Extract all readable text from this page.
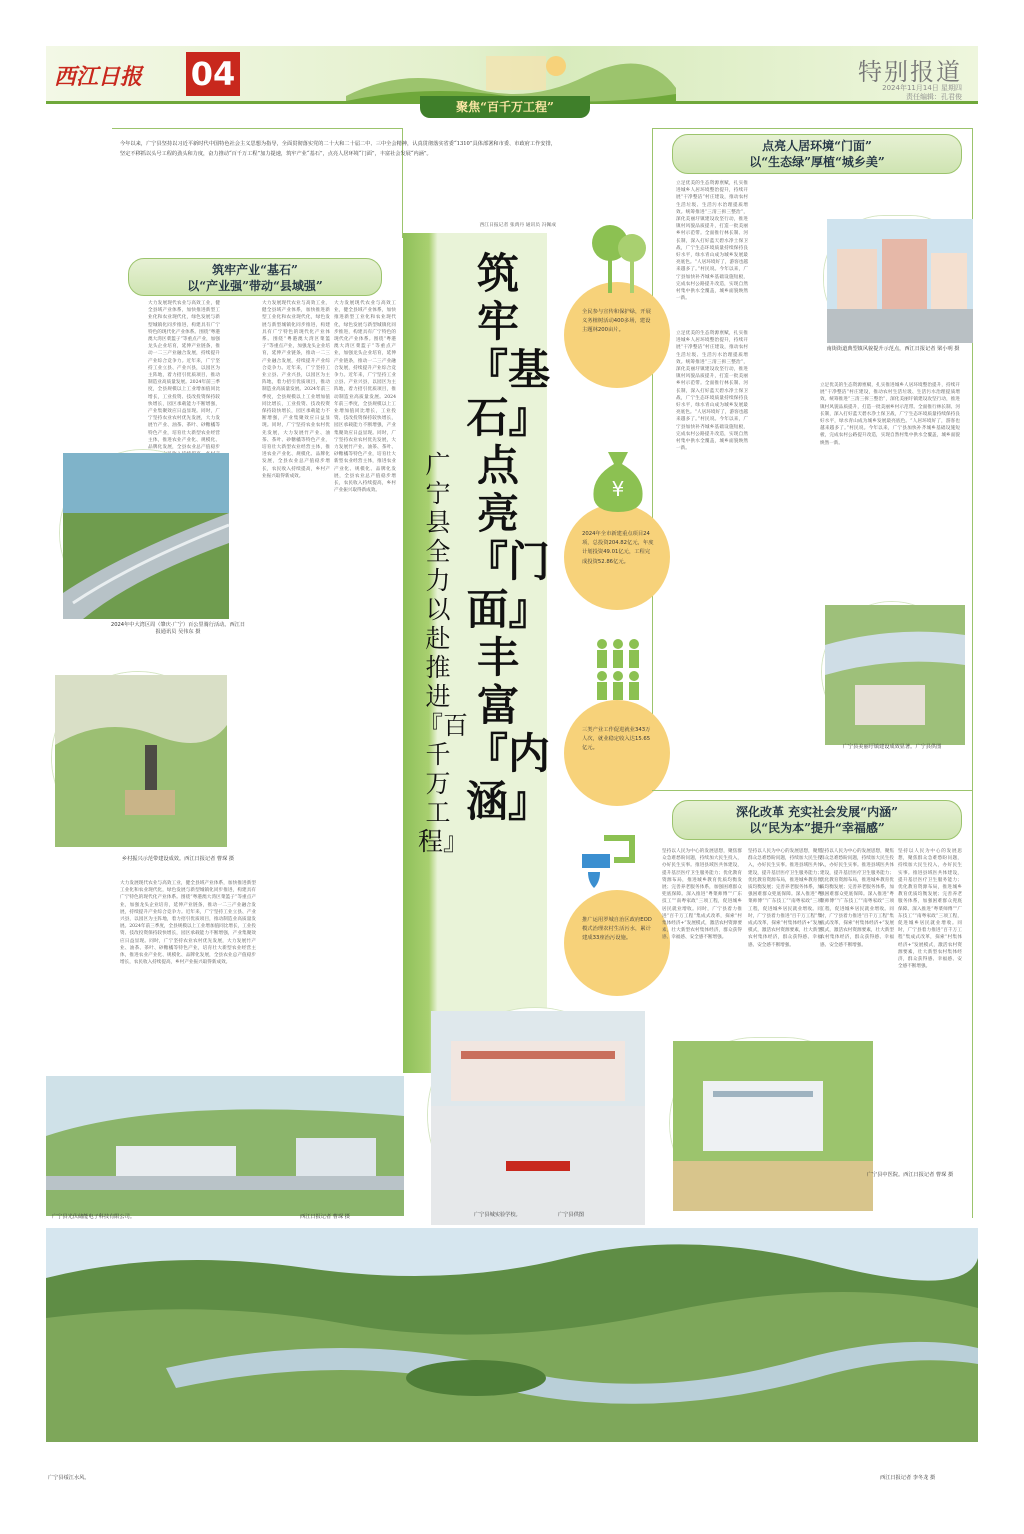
西江日报 04	特别报道
2024年11月14日 星期四
责任编辑：孔君俊
聚焦“百千万工程”

今年以来，广宁县坚持以习近平新时代中国特色社会主义思想为指导，全面贯彻落实党的二十大和二十届二中、三中全会精神，认真贯彻落实省委“1310”具体部署和市委、市政府工作安排，坚定不移抓以头号工程的劲头和力度，奋力推动“百千万工程”加力提速，筑牢产业“基石”，点亮人居环境“门面”，丰富社会发展“内涵”。

西江日报记者 张禹丹 通讯员 冯佩成
筑牢『基石』点亮『门面』丰富『内涵』
广宁县全力以赴推进『百千万工程』
筑牢产业“基石”
以“产业强”带动“县域强”
大力发展现代农业与高效工业，健全县域产业体系，加快推进新型工业化和农业现代化，绿色发展与新型城镇化同步推进，构建具有广宁特色的现代化产业体系。围绕“粤港澳大湾区菜篮子”等重点产业，加强龙头企业培育，延伸产业链条，推动一二三产业融合发展，持续提升产业综合竞争力。近年来，广宁坚持工业立县、产业兴县，以园区为主阵地，着力招引优质项目，推动制造业高质量发展。2024年前三季度，全县规模以上工业增加值同比增长，工业投资、技改投资保持较快增长，园区承载能力不断增强，产业集聚效应日益显现。同时，广宁坚持农业农村优先发展，大力发展竹产业、油茶、茶叶、砂糖橘等特色产业，培育壮大新型农业经营主体，推进农业产业化、规模化、品牌化发展，全县农业总产值稳步
大力发展现代农业与高效工业，健全县域产业体系，加快推进新型工业化和农业现代化，绿色发展与新型城镇化同步推进，构建具有广宁特色的现代化产业体系。围绕“粤港澳大湾区菜篮子”等重点产业，加强龙头企业培育，延伸产业链条，推动一二三产业融合发展，持续提升产业综合竞争力。近年来，广宁坚持工业立县、产业兴县，以园区为主阵地，着力招引优质项目，推动制造业高质量发展。2024年前三季度，全县规模以上工业增加值同比增长，工业投资、技改投资保持较快增长，园区承载能力不断增强，产业集聚效应日益显现。同时，广宁坚持农业农村优先发展，大力发展竹产业、油茶、茶叶、砂糖橘等特色产业，培育壮大新型农业经营主体，推进农业产业化、规模化、品牌化发展，全县农业总产值稳步增长，农民收入持续提高，乡村产业振兴取得新成效。
大力发展现代农业与高效工业，健全县域产业体系，加快推进新型工业化和农业现代化，绿色发展与新型城镇化同步推进，构建具有广宁特色的现代化产业体系。围绕“粤港澳大湾区菜篮子”等重点产业，加强龙头企业培育，延伸产业链条，推动一二三产业融合发展，持续提升产业综合竞争力。近年来，广宁坚持工业立县、产业兴县，以园区为主阵地，着力招引优质项目，推动制造业高质量发展。2024年前三季度，全县规模以上工业增加值同比增长，工业投资、技改投资保持较快增长，园区承载能力不断增强，产业集聚效应日益显现。同时，广宁坚持农业农村优先发展，大力发展竹产业、油茶、茶叶、砂糖橘等特色产业，培育壮大新型农业经营主体，推进农业产业化、规模化、品牌化发展，全县农业总产值稳步增长，农民收入持续提高，乡村产业振兴取得新成效。
大力发展现代农业与高效工业，健全县域产业体系，加快推进新型工业化和农业现代化，绿色发展与新型城镇化同步推进，构建具有广宁特色的现代化产业体系。围绕“粤港澳大湾区菜篮子”等重点产业，加强龙头企业培育，延伸产业链条，推动一二三产业融合发展，持续提升产业综合竞争力。近年来，广宁坚持工业立县、产业兴县，以园区为主阵地，着力招引优质项目，推动制造业高质量发展。2024年前三季度，全县规模以上工业增加值同比增长，工业投资、技改投资保持较快增长，园区承载能力不断增强，产业集聚效应日益显现。同时，广宁坚持农业农村优先发展，大力发展竹产业、油茶、茶叶、砂糖橘等特色产业，培育壮大新型农业经营主体，推进农业产业化、规模化、品牌化发展，全县农业总产值稳步增长，农民收入持续提高，乡村产业振兴取得新成效。
2024年中大湾区周（肇庆·广宁）百公里骑行活动。西江日报通讯员 吴伟东 摄
乡村振兴示范带建设成效。西江日报记者 曹琛 摄
广宁县光伏储能电子科技有限公司。	西江日报记者 曹琛 摄
全民参与宣传和保护绿，开展义务植树活动400多场，建设主题林200亩片。
2024年全市新建重点项目24项，总投资204.82亿元，年度计划投资49.01亿元，工程完成投资52.86亿元。
¥
三类产业工作促进就业343万人次，就业稳定收入达15.65亿元。
推广运用罗城自治区政府EOD模式治理农村生活污水，累计建成33座治污设施。
广宁县城实验学校。	广宁县供图
点亮人居环境“门面”
以“生态绿”厚植“城乡美”
立足优美的生态资源禀赋，扎实推进城乡人居环境整治提升，持续开展“干净整洁”村庄建设，推动农村生活垃圾、生活污水治理提质增效。统筹推进“三清三拆三整治”，深化美丽圩镇建设攻坚行动，推进镇村风貌品质提升，打造一批美丽乡村示范带。全面推行林长制、河长制，深入打好蓝天碧水净土保卫战，广宁生态环境质量持续保持良好水平，绿水青山成为城乡发展最亮底色。“人居环境好了，游客也越来越多了。”村民说。今年以来，广宁县加快补齐城乡基础设施短板，完成农村公路提升改造，实现自然村集中供水全覆盖，城乡面貌焕然一新。
立足优美的生态资源禀赋，扎实推进城乡人居环境整治提升，持续开展“干净整洁”村庄建设，推动农村生活垃圾、生活污水治理提质增效。统筹推进“三清三拆三整治”，深化美丽圩镇建设攻坚行动，推进镇村风貌品质提升，打造一批美丽乡村示范带。全面推行林长制、河长制，深入打好蓝天碧水净土保卫战，广宁生态环境质量持续保持良好水平，绿水青山成为城乡发展最亮底色。“人居环境好了，游客也越来越多了。”村民说。今年以来，广宁县加快补齐城乡基础设施短板，完成农村公路提升改造，实现自然村集中供水全覆盖，城乡面貌焕然一新。
立足优美的生态资源禀赋，扎实推进城乡人居环境整治提升，持续开展“干净整洁”村庄建设，推动农村生活垃圾、生活污水治理提质增效。统筹推进“三清三拆三整治”，深化美丽圩镇建设攻坚行动，推进镇村风貌品质提升，打造一批美丽乡村示范带。全面推行林长制、河长制，深入打好蓝天碧水净土保卫战，广宁生态环境质量持续保持良好水平，绿水青山成为城乡发展最亮底色。“人居环境好了，游客也越来越多了。”村民说。今年以来，广宁县加快补齐城乡基础设施短板，完成农村公路提升改造，实现自然村集中供水全覆盖，城乡面貌焕然一新。
南街街道典型镇风貌提升示范点，西江日报记者 梁小明 摄
广宁县美丽圩镇建设成效显著。广宁县供图
深化改革 充实社会发展“内涵”
以“民为本”提升“幸福感”
坚持以人民为中心的发展思想，聚焦群众急难愁盼问题，持续加大民生投入，办好民生实事。推进县域医共体建设，提升基层医疗卫生服务能力；优化教育资源布局，推进城乡教育优质均衡发展；完善养老服务体系，加强困难群众兜底保障。深入推进“粤菜师傅”“广东技工”“南粤家政”三项工程，促进城乡居民就业增收。同时，广宁县着力推进“百千万工程”集成式改革，探索“村集体经济+”发展模式，激活农村资源要素，壮大新型农村集体经济，群众获得感、幸福感、安全感不断增强。
坚持以人民为中心的发展思想，聚焦群众急难愁盼问题，持续加大民生投入，办好民生实事。推进县域医共体建设，提升基层医疗卫生服务能力；优化教育资源布局，推进城乡教育优质均衡发展；完善养老服务体系，加强困难群众兜底保障。深入推进“粤菜师傅”“广东技工”“南粤家政”三项工程，促进城乡居民就业增收。同时，广宁县着力推进“百千万工程”集成式改革，探索“村集体经济+”发展模式，激活农村资源要素，壮大新型农村集体经济，群众获得感、幸福感、安全感不断增强。
坚持以人民为中心的发展思想，聚焦群众急难愁盼问题，持续加大民生投入，办好民生实事。推进县域医共体建设，提升基层医疗卫生服务能力；优化教育资源布局，推进城乡教育优质均衡发展；完善养老服务体系，加强困难群众兜底保障。深入推进“粤菜师傅”“广东技工”“南粤家政”三项工程，促进城乡居民就业增收。同时，广宁县着力推进“百千万工程”集成式改革，探索“村集体经济+”发展模式，激活农村资源要素，壮大新型农村集体经济，群众获得感、幸福感、安全感不断增强。
坚持以人民为中心的发展思想，聚焦群众急难愁盼问题，持续加大民生投入，办好民生实事。推进县域医共体建设，提升基层医疗卫生服务能力；优化教育资源布局，推进城乡教育优质均衡发展；完善养老服务体系，加强困难群众兜底保障。深入推进“粤菜师傅”“广东技工”“南粤家政”三项工程，促进城乡居民就业增收。同时，广宁县着力推进“百千万工程”集成式改革，探索“村集体经济+”发展模式，激活农村资源要素，壮大新型农村集体经济，群众获得感、幸福感、安全感不断增强。
广宁县中医院。西江日报记者 曹琛 摄
广宁县绥江水风。	西江日报记者 李冬龙 摄
